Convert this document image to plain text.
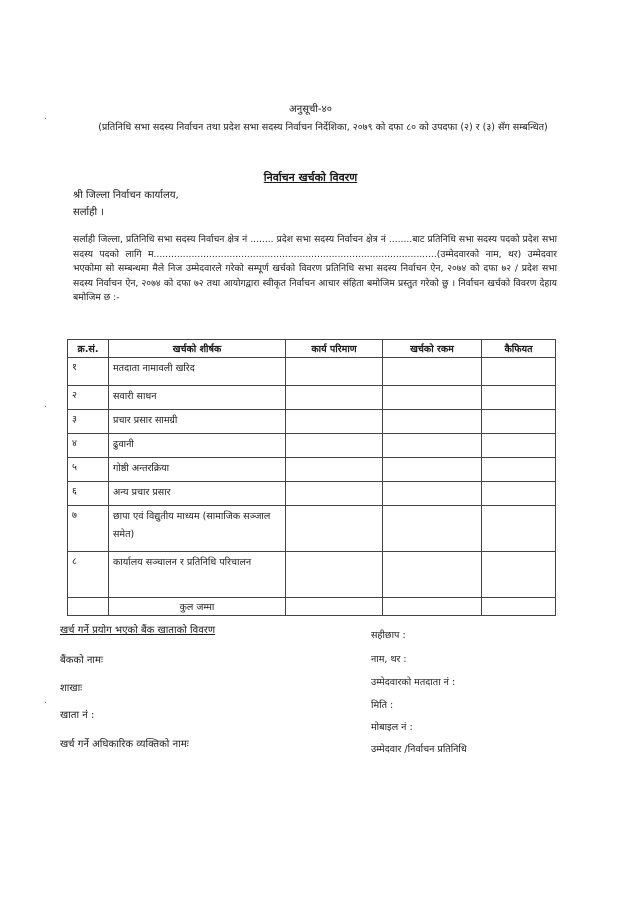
.
.
.
अनुसूची-४०
(प्रतिनिधि सभा सदस्य निर्वाचन तथा प्रदेश सभा सदस्य निर्वाचन निर्देशिका, २०७९ को दफा ८० को उपदफा (२) र (३) सँग सम्बन्धित)
निर्वाचन खर्चको विवरण
श्री जिल्ला निर्वाचन कार्यालय,
सर्लाही ।
सर्लाही जिल्ला, प्रतिनिधि सभा सदस्य निर्वाचन क्षेत्र नं ........ प्रदेश सभा सदस्य निर्वाचन क्षेत्र नं ........बाट प्रतिनिधि सभा सदस्य पदको प्रदेश सभा सदस्य पदको लागि म.................................................................................................(उम्मेदवारको नाम, थर) उम्मेदवार भएकोमा सो सम्बन्धमा मैले निज उम्मेदवारले गरेको सम्पूर्ण खर्चको विवरण प्रतिनिधि सभा सदस्य निर्वाचन ऐन, २०७४ को दफा ७२ / प्रदेश सभा सदस्य निर्वाचन ऐन, २०७४ को दफा ७२ तथा आयोगद्वारा स्वीकृत निर्वाचन आचार संहिता बमोजिम प्रस्तुत गरेको छु । निर्वाचन खर्चको विवरण देहाय बमोजिम छ :-
क्र.सं.	खर्चको शीर्षक	कार्य परिमाण	खर्चको रकम	कैफियत
१	मतदाता नामावली खरिद			
२	सवारी साधन			
३	प्रचार प्रसार सामग्री			
४	ढुवानी			
५	गोष्ठी अन्तरक्रिया			
६	अन्य प्रचार प्रसार			
७	छापा एवं विद्युतीय माध्यम (सामाजिक सञ्जाल समेत)			
८	कार्यालय सञ्चालन र प्रतिनिधि परिचालन			
	कुल जम्मा			
खर्च गर्ने प्रयोग भएको बैंक खाताको विवरण
बैंकको नामः
शाखाः
खाता नं :
खर्च गर्ने अधिकारिक व्यक्तिको नामः
सहीछाप :
नाम, थर :
उम्मेदवारको मतदाता नं :
मिति :
मोबाइल नं :
उम्मेदवार /निर्वाचन प्रतिनिधि
